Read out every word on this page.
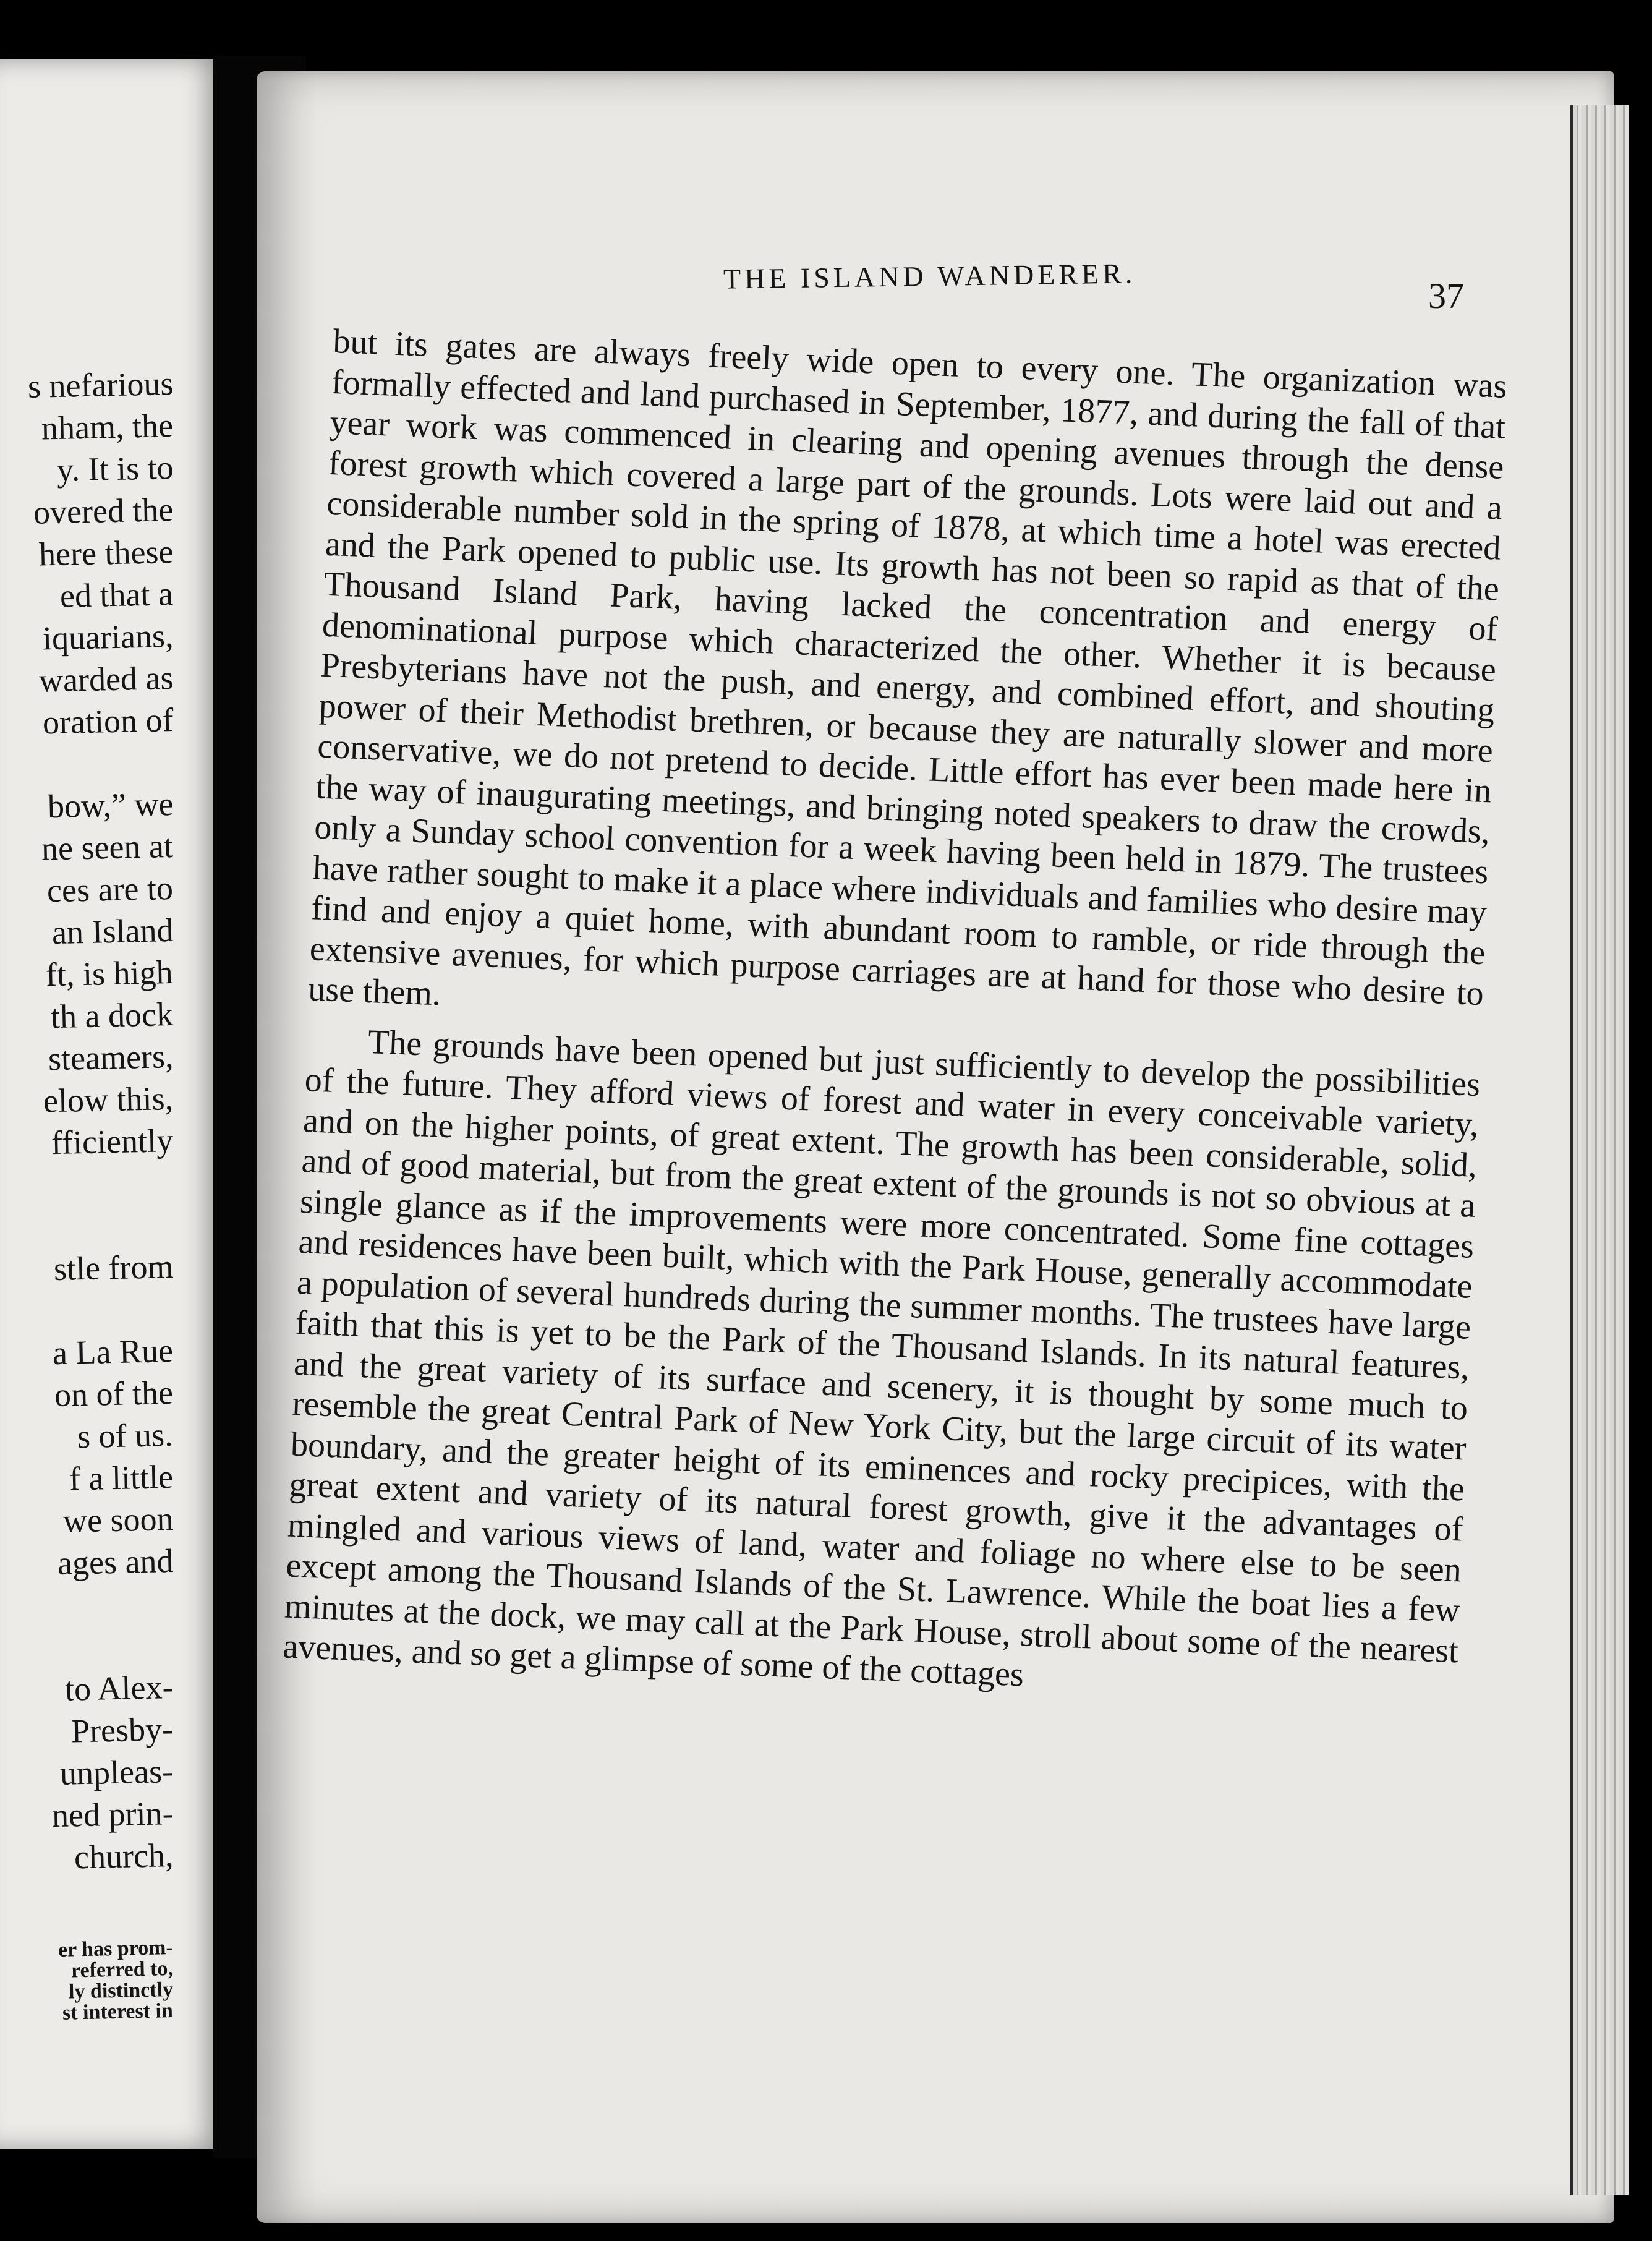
s nefarious
nham, the
y. It is to
overed the
here these
ed that a
iquarians,
warded as
oration of
bow,” we
ne seen at
ces are to
an Island
ft, is high
th a dock
steamers,
elow this,
fficiently
stle from
a La Rue
on of the
s of us.
f a little
we soon
ages and
to Alex-
Presby-
unpleas-
ned prin-
church,
er has prom-
referred to,
ly distinctly
st interest in
THE ISLAND WANDERER.	37

but its gates are always freely wide open to every one. The organization was formally effected and land purchased in September, 1877, and during the fall of that year work was commenced in clearing and opening avenues through the dense forest growth which covered a large part of the grounds. Lots were laid out and a considerable number sold in the spring of 1878, at which time a hotel was erected and the Park opened to public use. Its growth has not been so rapid as that of the Thousand Island Park, having lacked the concentration and energy of denominational purpose which characterized the other. Whether it is because Presbyterians have not the push, and energy, and combined effort, and shouting power of their Methodist brethren, or because they are naturally slower and more conservative, we do not pretend to decide. Little effort has ever been made here in the way of inaugurating meetings, and bringing noted speakers to draw the crowds, only a Sunday school convention for a week having been held in 1879. The trustees have rather sought to make it a place where individuals and families who desire may find and enjoy a quiet home, with abundant room to ramble, or ride through the extensive avenues, for which purpose carriages are at hand for those who desire to use them.

The grounds have been opened but just sufficiently to develop the possibilities of the future. They afford views of forest and water in every conceivable variety, and on the higher points, of great extent. The growth has been considerable, solid, and of good material, but from the great extent of the grounds is not so obvious at a single glance as if the improvements were more concentrated. Some fine cottages and residences have been built, which with the Park House, generally accommodate a population of several hundreds during the summer months. The trustees have large faith that this is yet to be the Park of the Thousand Islands. In its natural features, and the great variety of its surface and scenery, it is thought by some much to resemble the great Central Park of New York City, but the large circuit of its water boundary, and the greater height of its eminences and rocky precipices, with the great extent and variety of its natural forest growth, give it the advantages of mingled and various views of land, water and foliage no where else to be seen except among the Thousand Islands of the St. Lawrence. While the boat lies a few minutes at the dock, we may call at the Park House, stroll about some of the nearest avenues, and so get a glimpse of some of the cottages
